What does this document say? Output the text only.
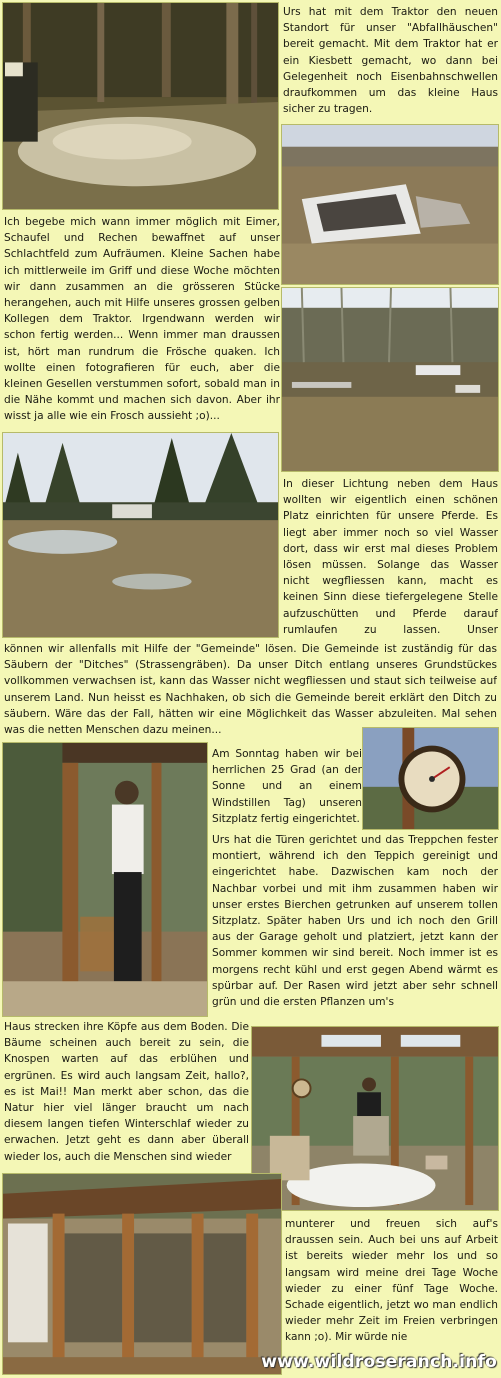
Urs hat mit dem Traktor den neuen Standort für unser "Abfallhäuschen" bereit gemacht. Mit dem Traktor hat er ein Kiesbett gemacht, wo dann bei Gelegenheit noch Eisenbahnschwellen draufkommen um das kleine Haus sicher zu tragen.
Ich begebe mich wann immer möglich mit Eimer, Schaufel und Rechen bewaffnet auf unser Schlachtfeld zum Aufräumen. Kleine Sachen habe ich mittlerweile im Griff und diese Woche möchten wir dann zusammen an die grösseren Stücke herangehen, auch mit Hilfe unseres grossen gelben Kollegen dem Traktor. Irgendwann werden wir schon fertig werden... Wenn immer man draussen ist, hört man rundrum die Frösche quaken. Ich wollte einen fotografieren für euch, aber die kleinen Gesellen verstummen sofort, sobald man in die Nähe kommt und machen sich davon. Aber ihr wisst ja alle wie ein Frosch aussieht ;o)...
In dieser Lichtung neben dem Haus wollten wir eigentlich einen schönen Platz einrichten für unsere Pferde. Es liegt aber immer noch so viel Wasser dort, dass wir erst mal dieses Problem lösen müssen. Solange das Wasser nicht wegfliessen kann, macht es keinen Sinn diese tiefergelegene Stelle aufzuschütten und Pferde darauf rumlaufen zu lassen. Unser
können wir allenfalls mit Hilfe der "Gemeinde" lösen. Die Gemeinde ist zuständig für das Säubern der "Ditches" (Strassengräben). Da unser Ditch entlang unseres Grundstückes vollkommen verwachsen ist, kann das Wasser nicht wegfliessen und staut sich teilweise auf unserem Land. Nun heisst es Nachhaken, ob sich die Gemeinde bereit erklärt den Ditch zu säubern. Wäre das der Fall, hätten wir eine Möglichkeit das Wasser abzuleiten. Mal sehen was die netten Menschen dazu meinen...
Am Sonntag haben wir bei herrlichen 25 Grad (an der Sonne und an einem Windstillen Tag) unseren Sitzplatz fertig eingerichtet.
Urs hat die Türen gerichtet und das Treppchen fester montiert, während ich den Teppich gereinigt und eingerichtet habe. Dazwischen kam noch der Nachbar vorbei und mit ihm zusammen haben wir unser erstes Bierchen getrunken auf unserem tollen Sitzplatz. Später haben Urs und ich noch den Grill aus der Garage geholt und platziert, jetzt kann der Sommer kommen wir sind bereit. Noch immer ist es morgens recht kühl und erst gegen Abend wärmt es spürbar auf. Der Rasen wird jetzt aber sehr schnell grün und die ersten Pflanzen um's
Haus strecken ihre Köpfe aus dem Boden. Die Bäume scheinen auch bereit zu sein, die Knospen warten auf das erblühen und ergrünen. Es wird auch langsam Zeit, hallo?, es ist Mai!! Man merkt aber schon, das die Natur hier viel länger braucht um nach diesem langen tiefen Winterschlaf wieder zu erwachen. Jetzt geht es dann aber überall wieder los, auch die Menschen sind wieder
munterer und freuen sich auf's draussen sein. Auch bei uns auf Arbeit ist bereits wieder mehr los und so langsam wird meine drei Tage Woche wieder zu einer fünf Tage Woche. Schade eigentlich, jetzt wo man endlich wieder mehr Zeit im Freien verbringen kann ;o). Mir würde nie
www.wildroseranch.info
